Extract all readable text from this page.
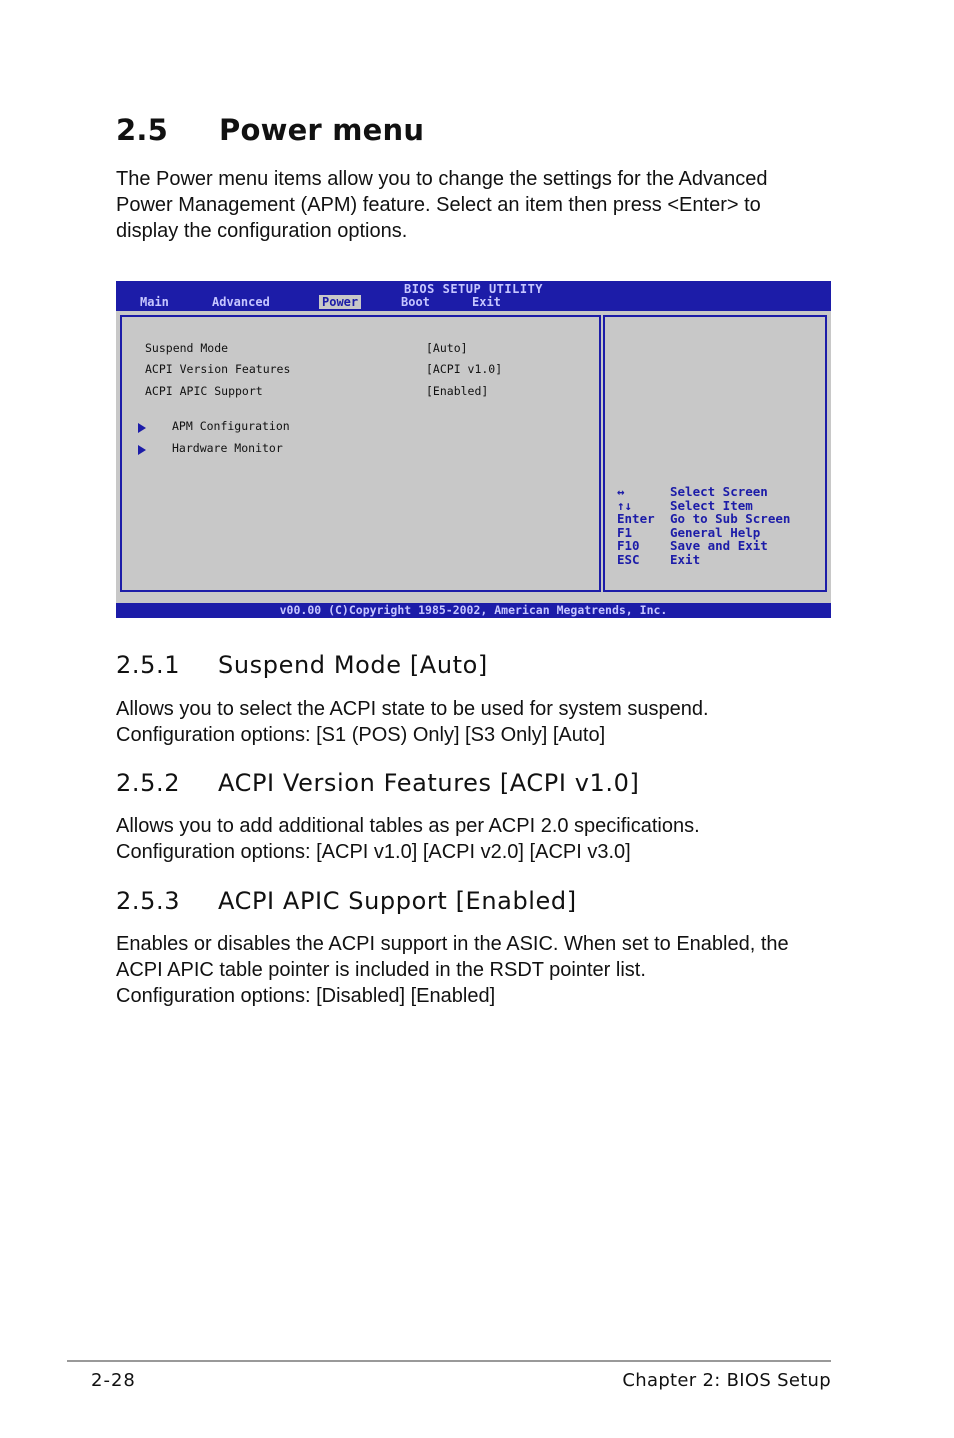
2.5 Power menu

The Power menu items allow you to change the settings for the Advanced
Power Management (APM) feature. Select an item then press <Enter> to
display the configuration options.

BIOS SETUP UTILITY
Main	Advanced	Power	Boot	Exit
Suspend Mode	[Auto]
ACPI Version Features	[ACPI v1.0]
ACPI APIC Support	[Enabled]
APM Configuration
Hardware Monitor
↔	Select Screen
↑↓	Select Item
Enter Go to Sub Screen
F1	General Help
F10 Save and Exit
ESC Exit
v00.00 (C)Copyright 1985-2002, American Megatrends, Inc.
2.5.1 Suspend Mode [Auto]

Allows you to select the ACPI state to be used for system suspend.
Configuration options: [S1 (POS) Only] [S3 Only] [Auto]

2.5.2 ACPI Version Features [ACPI v1.0]

Allows you to add additional tables as per ACPI 2.0 specifications.
Configuration options: [ACPI v1.0] [ACPI v2.0] [ACPI v3.0]

2.5.3 ACPI APIC Support [Enabled]

Enables or disables the ACPI support in the ASIC. When set to Enabled, the
ACPI APIC table pointer is included in the RSDT pointer list.
Configuration options: [Disabled] [Enabled]

2-28	Chapter 2: BIOS Setup
